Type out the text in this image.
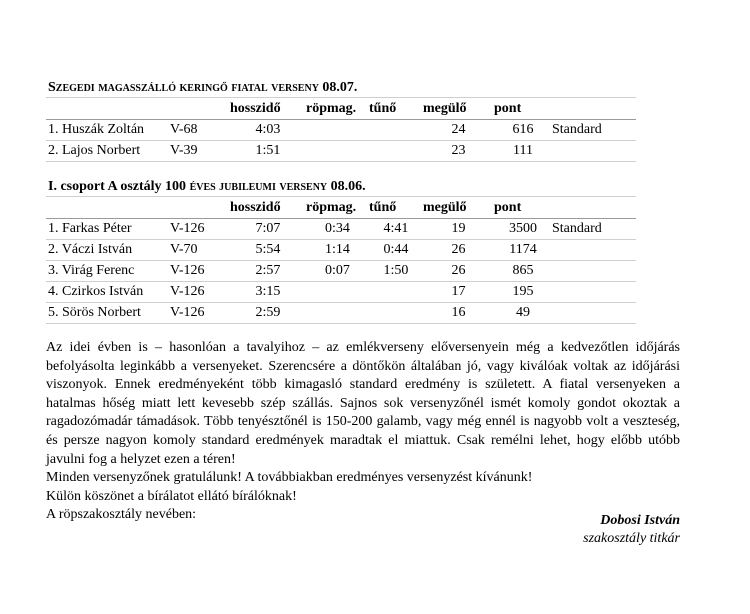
Szegedi magasszálló keringő fiatal verseny 08.07.
		hosszidő	röpmag.	tűnő	megülő	pont	
1. Huszák Zoltán	V-68	4:03			24	616	Standard
2. Lajos Norbert	V-39	1:51			23	111	
I. csoport A osztály 100 éves jubileumi verseny 08.06.
		hosszidő	röpmag.	tűnő	megülő	pont	
1. Farkas Péter	V-126	7:07	0:34	4:41	19	3500	Standard
2. Váczi István	V-70	5:54	1:14	0:44	26	1174	
3. Virág Ferenc	V-126	2:57	0:07	1:50	26	865	
4. Czirkos István	V-126	3:15			17	195	
5. Sörös Norbert	V-126	2:59			16	49	

Az idei évben is – hasonlóan a tavalyihoz – az emlékverseny előversenyein még a kedvezőtlen időjárás befolyásolta leginkább a versenyeket. Szerencsére a döntőkön általában jó, vagy kiválóak voltak az időjárási viszonyok. Ennek eredményeként több kimagasló standard eredmény is született. A fiatal versenyeken a hatalmas hőség miatt lett kevesebb szép szállás. Sajnos sok versenyzőnél ismét komoly gondot okoztak a ragadozómadár támadások. Több tenyésztőnél is 150-200 galamb, vagy még ennél is nagyobb volt a veszteség, és persze nagyon komoly standard eredmények maradtak el miattuk. Csak remélni lehet, hogy előbb utóbb javulni fog a helyzet ezen a téren!

Minden versenyzőnek gratulálunk! A továbbiakban eredményes versenyzést kívánunk!
Külön köszönet a bírálatot ellátó bírálóknak!
A röpszakosztály nevében:	Dobosi István
szakosztály titkár
